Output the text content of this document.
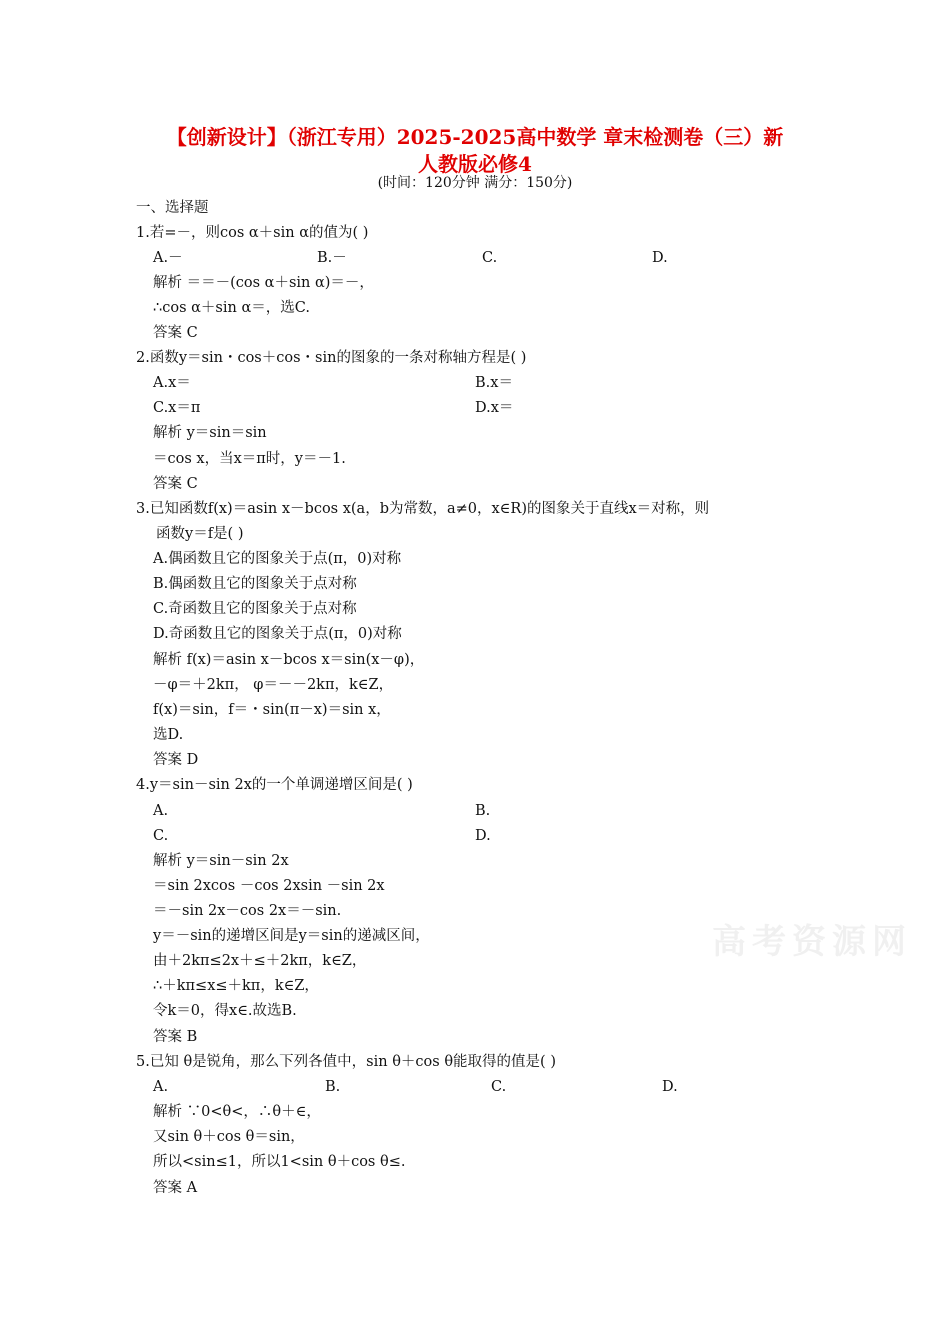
【创新设计】（浙江专用）2025-2025高中数学 章末检测卷（三）新
人教版必修4
(时间：120分钟 满分：150分)
一、选择题
1.若=－，则cos α＋sin α的值为( )
A.－	B.－	C.	D.
解析 ＝＝－(cos α＋sin α)＝－，
∴cos α＋sin α＝，选C.
答案 C
2.函数y＝sin・cos＋cos・sin的图象的一条对称轴方程是( )
A.x＝	B.x＝
C.x＝π	D.x＝
解析 y＝sin＝sin
＝cos x，当x＝π时，y＝－1.
答案 C
3.已知函数f(x)＝asin x－bcos x(a，b为常数，a≠0，x∈R)的图象关于直线x＝对称，则
函数y＝f是( )
A.偶函数且它的图象关于点(π，0)对称
B.偶函数且它的图象关于点对称
C.奇函数且它的图象关于点对称
D.奇函数且它的图象关于点(π，0)对称
解析 f(x)＝asin x－bcos x＝sin(x－φ)，
－φ＝＋2kπ， φ＝－－2kπ，k∈Z，
f(x)＝sin，f＝・sin(π－x)＝sin x，
选D.
答案 D
4.y＝sin－sin 2x的一个单调递增区间是( )
A.	B.
C.	D.
解析 y＝sin－sin 2x
＝sin 2xcos －cos 2xsin －sin 2x
＝－sin 2x－cos 2x＝－sin.
y＝－sin的递增区间是y＝sin的递减区间，
由＋2kπ≤2x＋≤＋2kπ，k∈Z，
∴＋kπ≤x≤＋kπ，k∈Z，
令k＝0，得x∈.故选B.
答案 B
5.已知 θ是锐角，那么下列各值中，sin θ＋cos θ能取得的值是( )
A.	B.	C.	D.
解析 ∵0<θ<，∴θ＋∈，
又sin θ＋cos θ＝sin，
所以<sin≤1，所以1<sin θ＋cos θ≤.
答案 A
高考资源网
